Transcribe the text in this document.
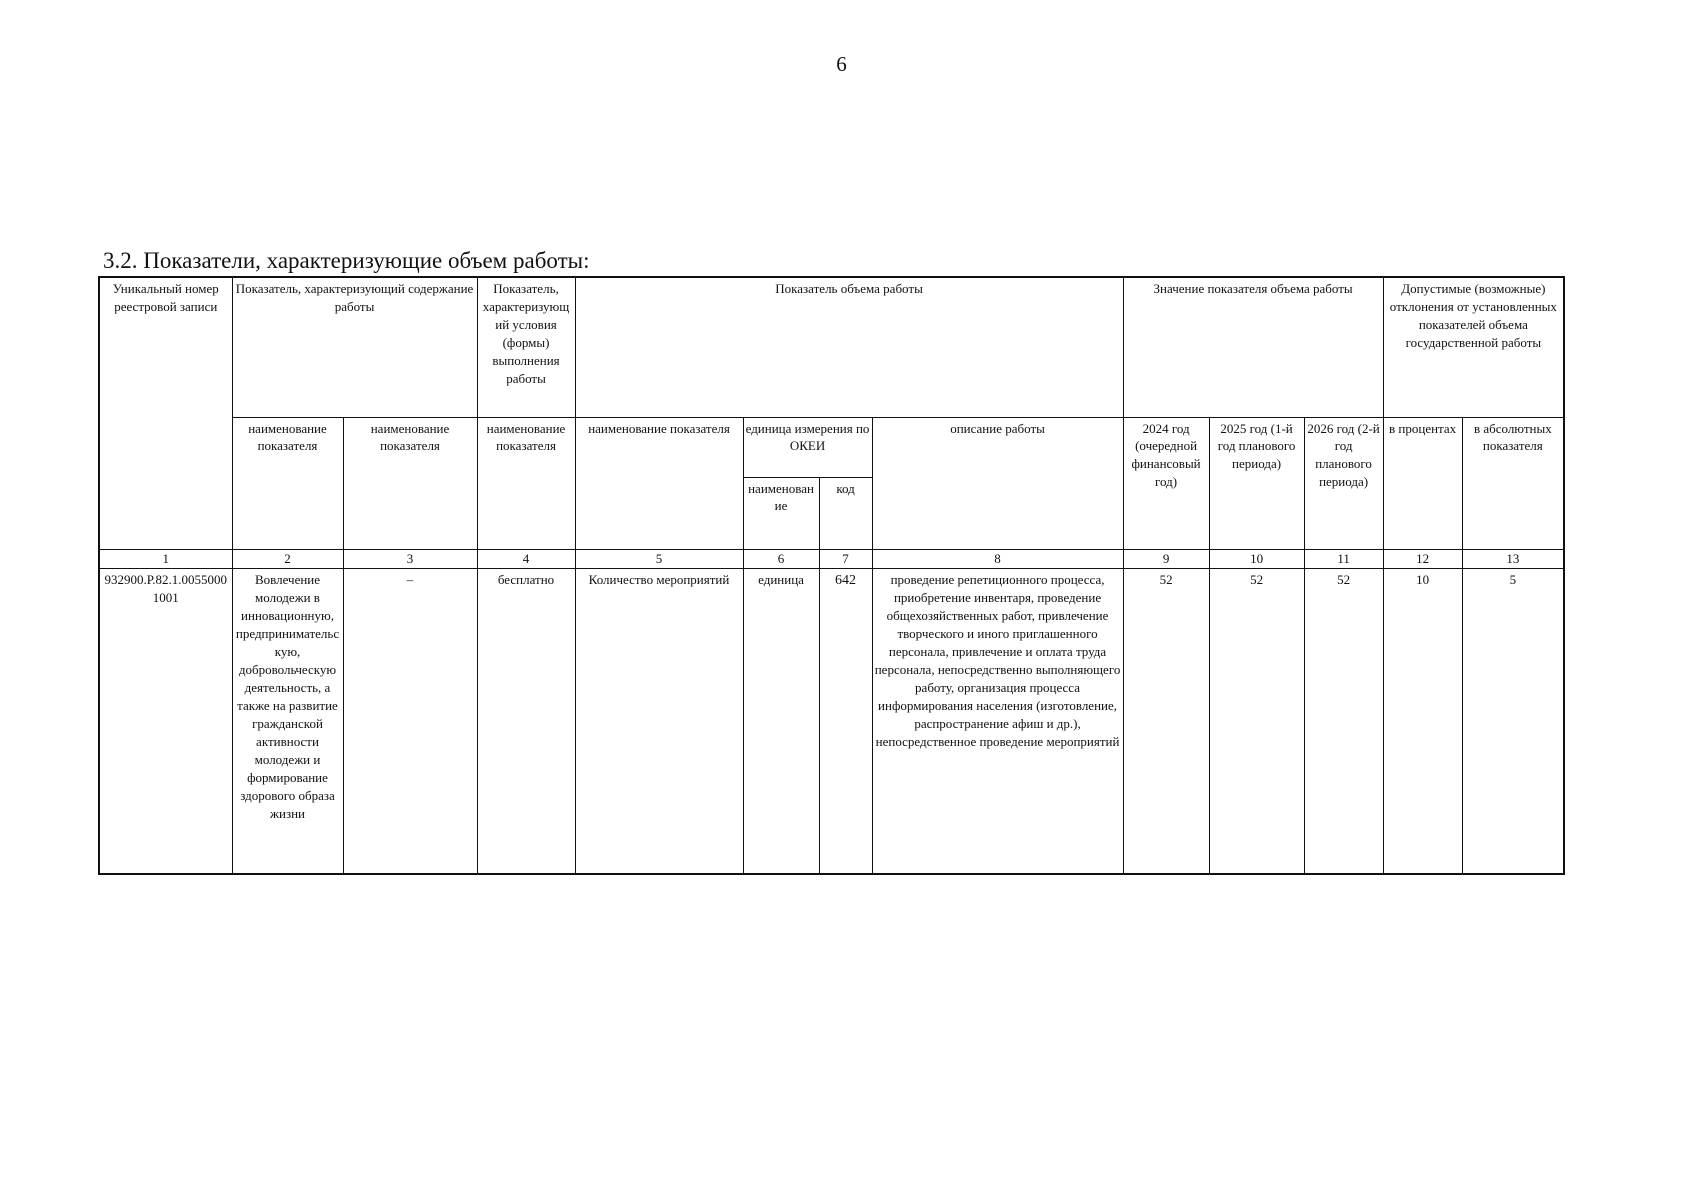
6
3.2. Показатели, характеризующие объем работы:
Уникальный номер реестровой записи	Показатель, характеризующий содержание работы		Показатель, характеризующий условия (формы) выполнения работы	Показатель объема работы				Значение показателя объема работы			Допустимые (возможные) отклонения от установленных показателей объема государственной работы	
	наименование показателя	наименование показателя	наименование показателя	наименование показателя	единица измерения по ОКЕИ		описание работы	2024 год (очередной финансовый год)	2025 год (1-й год планового периода)	2026 год (2-й год планового периода)	в процентах	в абсолютных показателя
					наименование	код						
1	2	3	4	5	6	7	8	9	10	11	12	13
932900.Р.82.1.00550001001	Вовлечение молодежи в инновационную, предпринимательскую, добровольческую деятельность, а также на развитие гражданской активности молодежи и формирование здорового образа жизни	–	бесплатно	Количество мероприятий	единица	642	проведение репетиционного процесса, приобретение инвентаря, проведение общехозяйственных работ, привлечение творческого и иного приглашенного персонала, привлечение и оплата труда персонала, непосредственно выполняющего работу, организация процесса информирования населения (изготовление, распространение афиш и др.), непосредственное проведение мероприятий	52	52	52	10	5
